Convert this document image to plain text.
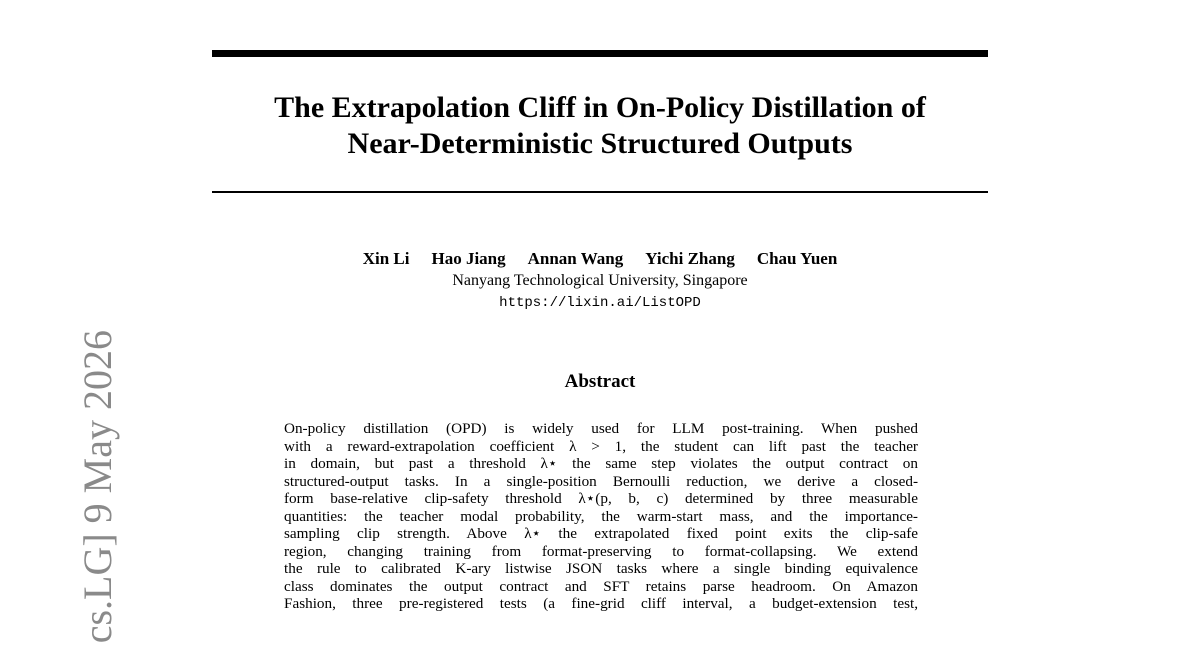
The Extrapolation Cliff in On-Policy Distillation of
Near-Deterministic Structured Outputs
Xin Li Hao Jiang Annan Wang Yichi Zhang Chau Yuen
Nanyang Technological University, Singapore
https://lixin.ai/ListOPD
Abstract
On-policy distillation (OPD) is widely used for LLM post-training. When pushed
with a reward-extrapolation coefficient λ > 1, the student can lift past the teacher
in domain, but past a threshold λ⋆ the same step violates the output contract on
structured-output tasks. In a single-position Bernoulli reduction, we derive a closed-
form base-relative clip-safety threshold λ⋆(p, b, c) determined by three measurable
quantities: the teacher modal probability, the warm-start mass, and the importance-
sampling clip strength. Above λ⋆ the extrapolated fixed point exits the clip-safe
region, changing training from format-preserving to format-collapsing. We extend
the rule to calibrated K-ary listwise JSON tasks where a single binding equivalence
class dominates the output contract and SFT retains parse headroom. On Amazon
Fashion, three pre-registered tests (a fine-grid cliff interval, a budget-extension test,
cs.LG] 9 May 2026
